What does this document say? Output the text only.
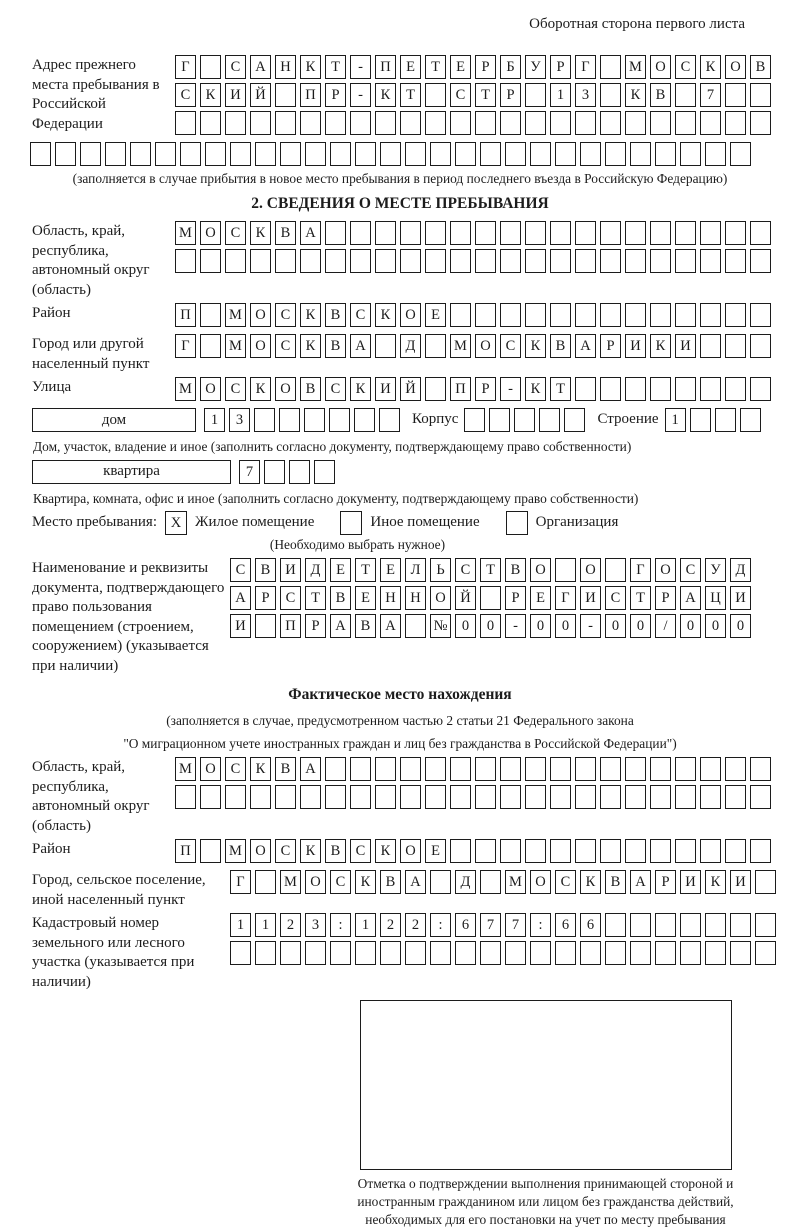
Оборотная сторона первого листа
Адрес прежнего места пребывания в Российской Федерации
Г	С	А	Н	К	Т	-	П	Е	Т	Е	Р	Б	У	Р	Г	М О	С	К	О	В
С	К	И	Й	П	Р	-	К	Т	С	Т	Р	1	3	К	В	7
(заполняется в случае прибытия в новое место пребывания в период последнего въезда в Российскую Федерацию)
2. СВЕДЕНИЯ О МЕСТЕ ПРЕБЫВАНИЯ
Область, край, республика, автономный округ (область)
М О	С	К	В	А
Район	П	М О	С	К	В	С	К	О	Е
Город или другой населенный пункт
Г	М О	С	К	В	А	Д	М О	С	К	В	А	Р	И	К	И
Улица	М О	С	К	О	В	С	К	И	Й	П	Р	-	К	Т
дом	1	3	Корпус	Строение 1
Дом, участок, владение и иное (заполнить согласно документу, подтверждающему право собственности)
квартира	7
Квартира, комната, офис и иное (заполнить согласно документу, подтверждающему право собственности)
Место пребывания: X Жилое помещение	Иное помещение	Организация
(Необходимо выбрать нужное)
Наименование и реквизиты документа, подтверждающего право пользования помещением (строением, сооружением) (указывается при наличии)
С	В	И	Д	Е	Т	Е	Л	Ь	С	Т	В	О	О	Г	О	С	У	Д
А	Р	С	Т	В	Е	Н	Н	О	Й	Р	Е	Г	И	С	Т	Р	А	Ц	И
И	П	Р	А	В	А	№ 0	0	-	0	0	-	0	0	/	0	0	0
Фактическое место нахождения
(заполняется в случае, предусмотренном частью 2 статьи 21 Федерального закона
"О миграционном учете иностранных граждан и лиц без гражданства в Российской Федерации")
Область, край, республика, автономный округ (область)
М О	С	К	В	А
Район	П	М О	С	К	В	С	К	О	Е
Город, сельское поселение, иной населенный пункт
Г	М О	С	К	В	А	Д	М О	С	К	В	А	Р	И	К	И
Кадастровый номер земельного или лесного участка (указывается при наличии)
1	1	2	3	:	1	2	2	:	6	7	7	:	6	6
Отметка о подтверждении выполнения принимающей стороной и иностранным гражданином или лицом без гражданства действий, необходимых для его постановки на учет по месту пребывания
